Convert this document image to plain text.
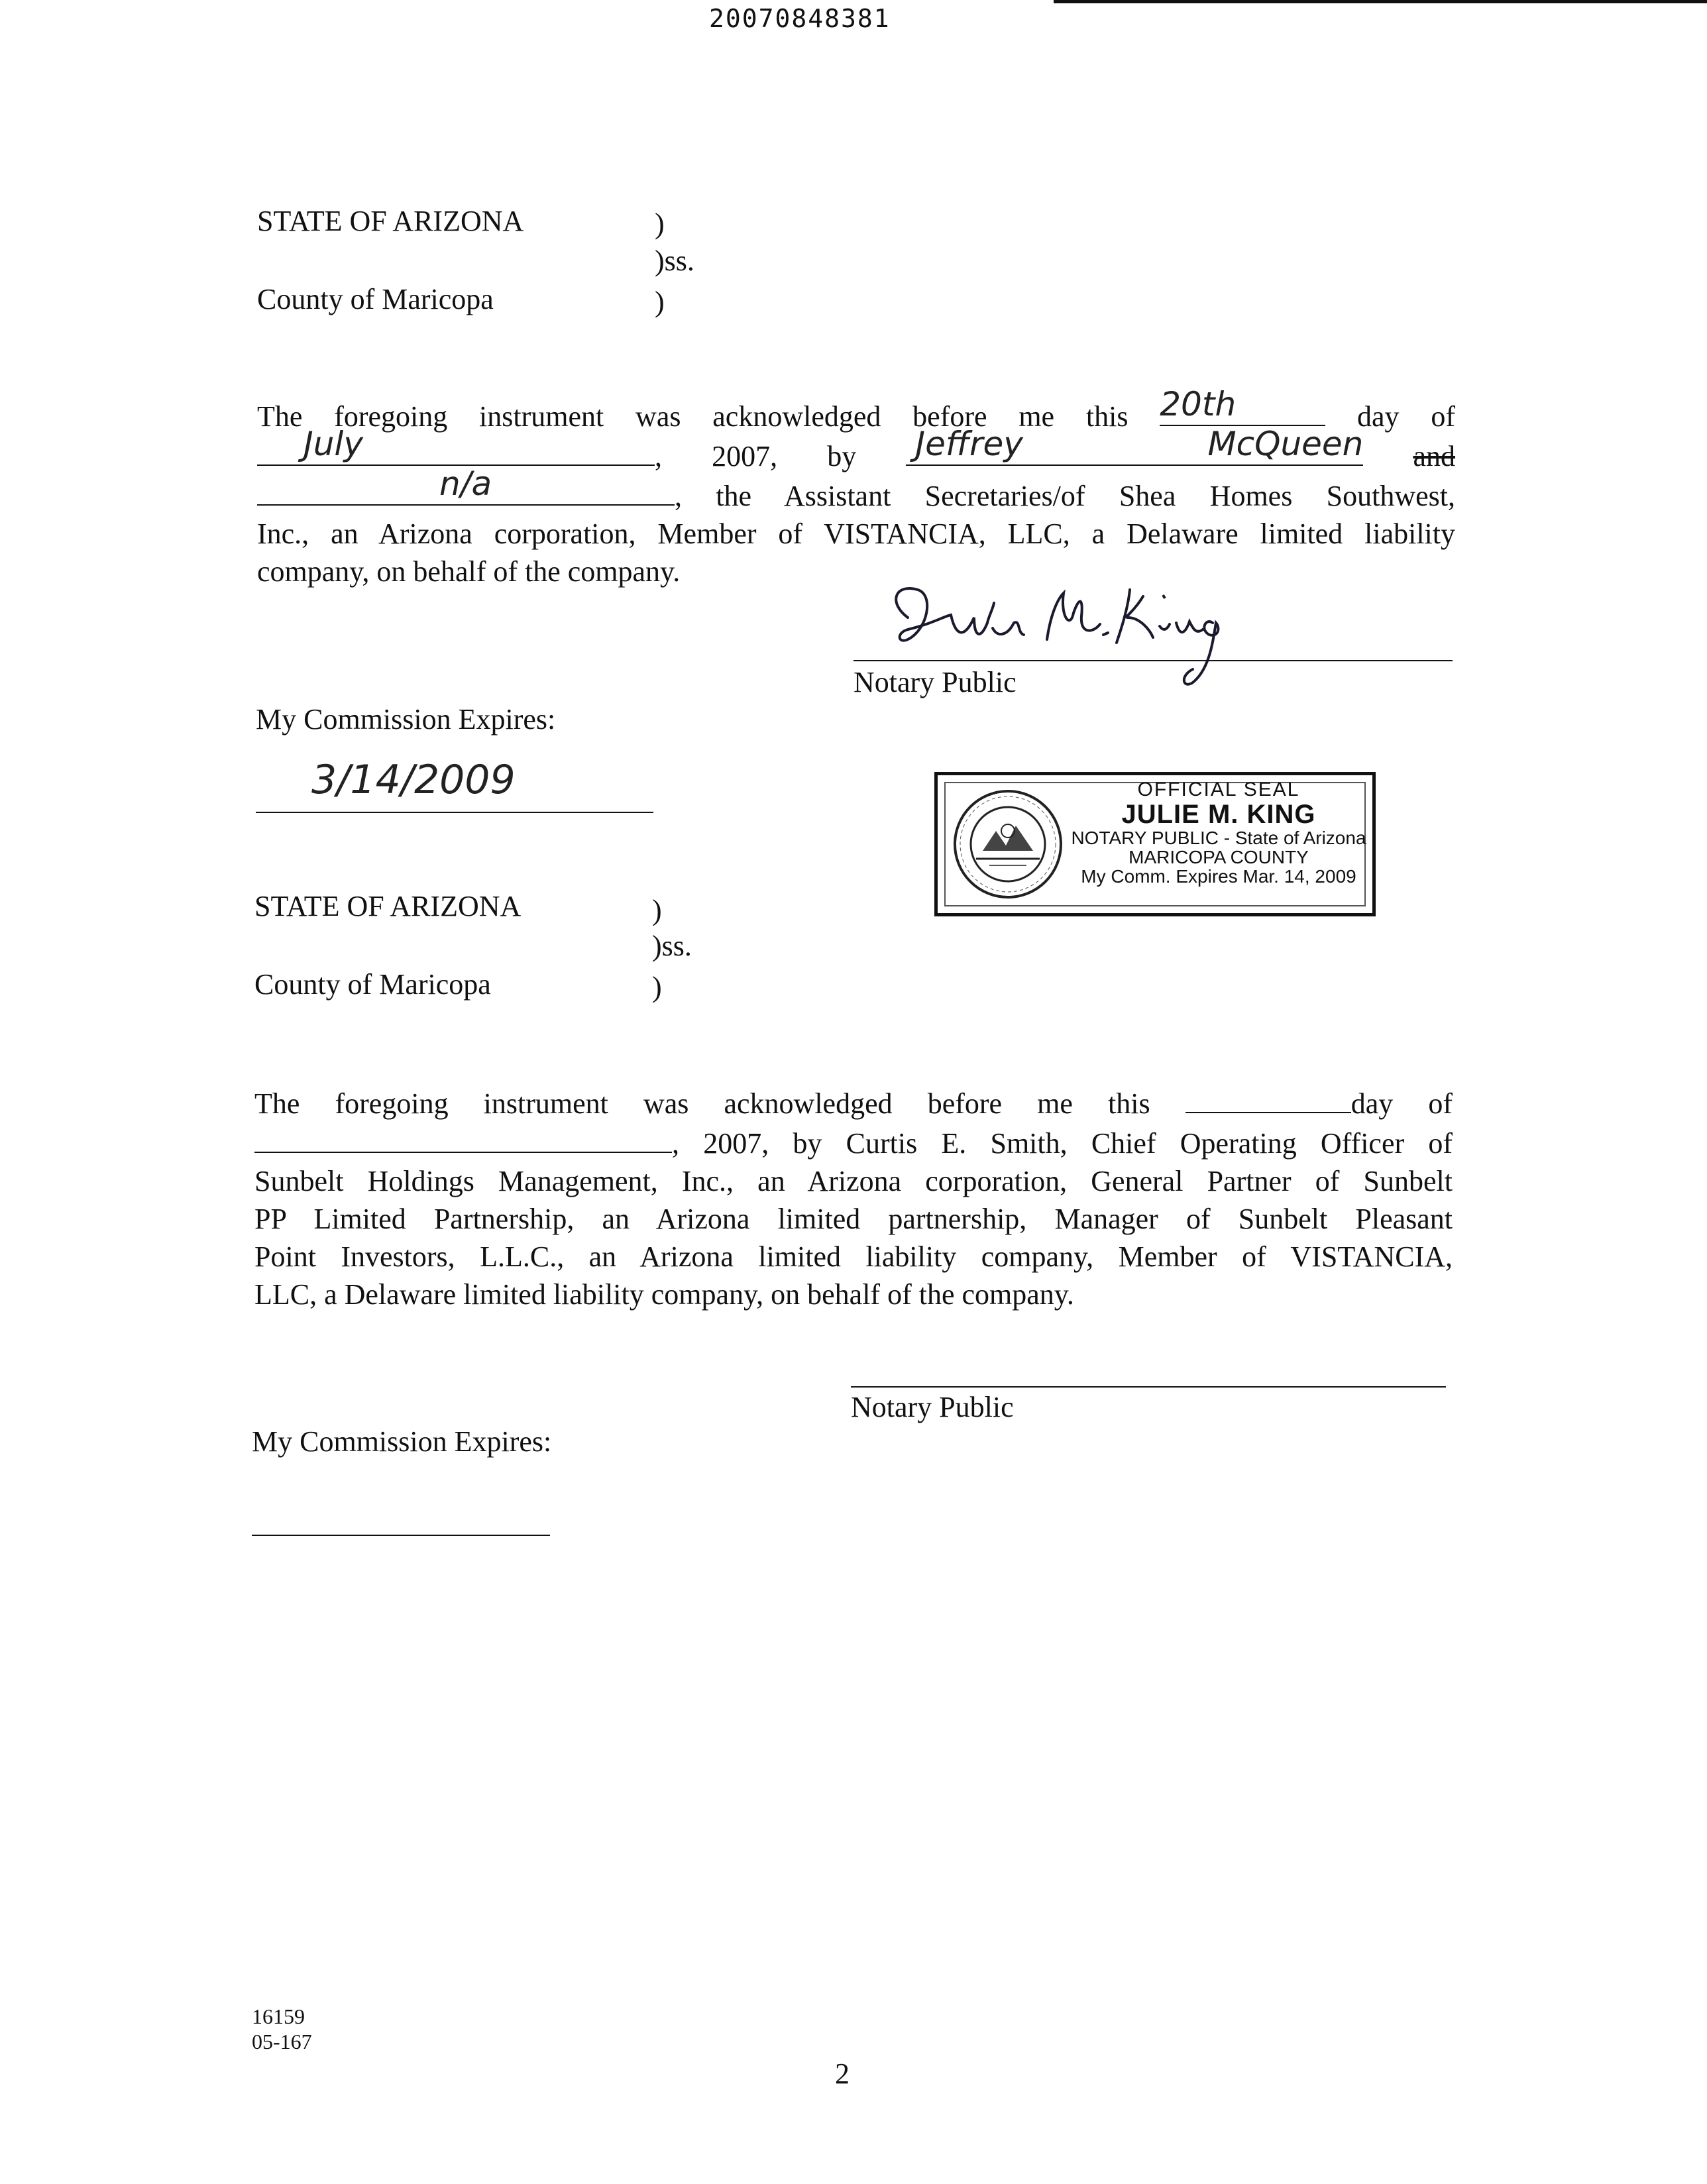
20070848381
STATE OF ARIZONA	)
)ss.
County of Maricopa	)
The foregoing instrument was acknowledged before me this 20th	day of
July	, 2007, by Jeffrey McQueen and
n/a	, the Assistant Secretaries/of Shea Homes Southwest,
Inc., an Arizona corporation, Member of VISTANCIA, LLC, a Delaware limited liability
company, on behalf of the company.
Notary Public
My Commission Expires:
3/14/2009	OFFICIAL SEAL
JULIE M. KING
NOTARY PUBLIC - State of Arizona
MARICOPA COUNTY
My Comm. Expires Mar. 14, 2009
STATE OF ARIZONA	)
)ss.
County of Maricopa	)
The foregoing instrument was acknowledged before me this	day of
, 2007, by Curtis E. Smith, Chief Operating Officer of
Sunbelt Holdings Management, Inc., an Arizona corporation, General Partner of Sunbelt
PP Limited Partnership, an Arizona limited partnership, Manager of Sunbelt Pleasant
Point Investors, L.L.C., an Arizona limited liability company, Member of VISTANCIA,
LLC, a Delaware limited liability company, on behalf of the company.
Notary Public
My Commission Expires:
16159
05-167
2
